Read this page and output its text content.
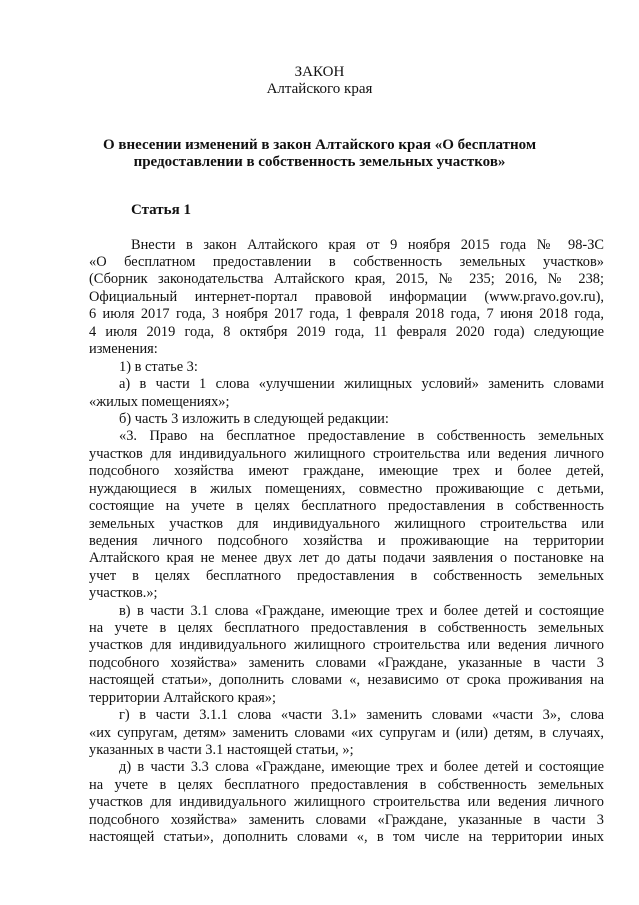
ЗАКОН
Алтайского края
О внесении изменений в закон Алтайского края «О бесплатном
предоставлении в собственность земельных участков»
Статья 1
Внести в закон Алтайского края от 9 ноября 2015 года № 98-ЗС
«О бесплатном предоставлении в собственность земельных участков»
(Сборник законодательства Алтайского края, 2015, № 235; 2016, № 238;
Официальный интернет-портал правовой информации (www.pravo.gov.ru),
6 июля 2017 года, 3 ноября 2017 года, 1 февраля 2018 года, 7 июня 2018 года,
4 июля 2019 года, 8 октября 2019 года, 11 февраля 2020 года) следующие
изменения:
1) в статье 3:
а) в части 1 слова «улучшении жилищных условий» заменить словами
«жилых помещениях»;
б) часть 3 изложить в следующей редакции:
«3. Право на бесплатное предоставление в собственность земельных
участков для индивидуального жилищного строительства или ведения личного
подсобного хозяйства имеют граждане, имеющие трех и более детей,
нуждающиеся в жилых помещениях, совместно проживающие с детьми,
состоящие на учете в целях бесплатного предоставления в собственность
земельных участков для индивидуального жилищного строительства или
ведения личного подсобного хозяйства и проживающие на территории
Алтайского края не менее двух лет до даты подачи заявления о постановке на
учет в целях бесплатного предоставления в собственность земельных
участков.»;
в) в части 3.1 слова «Граждане, имеющие трех и более детей и состоящие
на учете в целях бесплатного предоставления в собственность земельных
участков для индивидуального жилищного строительства или ведения личного
подсобного хозяйства» заменить словами «Граждане, указанные в части 3
настоящей статьи», дополнить словами «, независимо от срока проживания на
территории Алтайского края»;
г) в части 3.1.1 слова «части 3.1» заменить словами «части 3», слова
«их супругам, детям» заменить словами «их супругам и (или) детям, в случаях,
указанных в части 3.1 настоящей статьи, »;
д) в части 3.3 слова «Граждане, имеющие трех и более детей и состоящие
на учете в целях бесплатного предоставления в собственность земельных
участков для индивидуального жилищного строительства или ведения личного
подсобного хозяйства» заменить словами «Граждане, указанные в части 3
настоящей статьи», дополнить словами «, в том числе на территории иных
